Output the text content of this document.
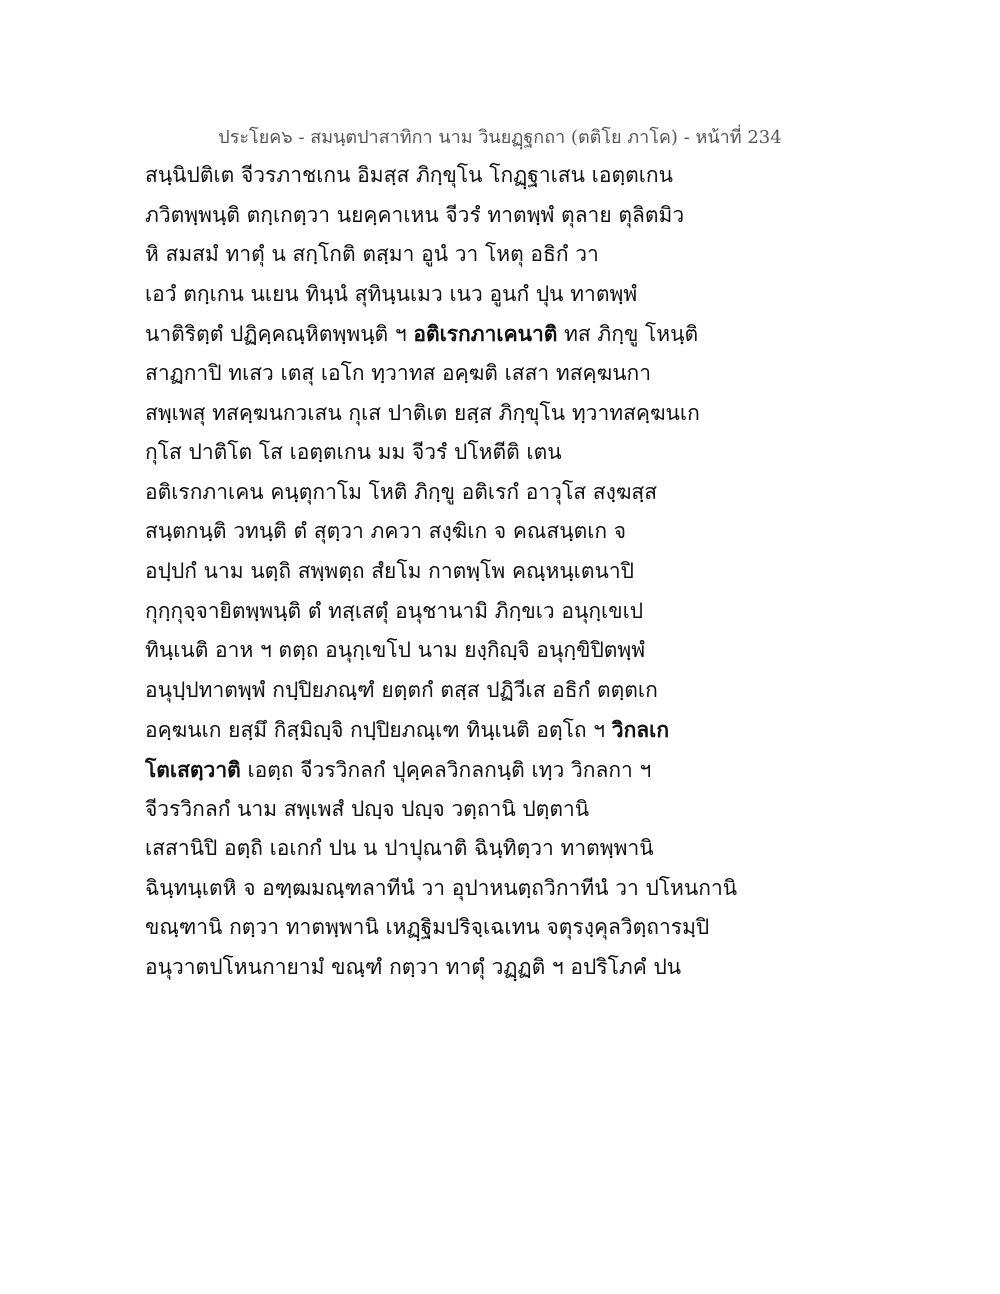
ประโยค๖ - สมนฺตปาสาทิกา นาม วินยฏฺฐกถา (ตติโย ภาโค) - หน้าที่ 234
สนฺนิปติเต จีวรภาชเกน อิมสฺส ภิกฺขุโน โกฏฺฐาเสน เอตฺตเกน
ภวิตพฺพนฺติ ตกฺเกตฺวา นยคฺคาเหน จีวรํ ทาตพฺพํ ตุลาย ตุลิตมิว
หิ สมสมํ ทาตุํ น สกฺโกติ ตสฺมา อูนํ วา โหตุ อธิกํ วา
เอวํ ตกฺเกน นเยน ทินฺนํ สุทินฺนเมว เนว อูนกํ ปุน ทาตพฺพํ
นาติริตฺตํ ปฏิคฺคณฺหิตพฺพนฺติ ฯ อติเรกภาเคนาติ ทส ภิกฺขู โหนฺติ
สาฏกาปิ ทเสว เตสุ เอโก ทฺวาทส อคฺฆติ เสสา ทสคฺฆนกา
สพฺเพสุ ทสคฺฆนกวเสน กุเส ปาติเต ยสฺส ภิกฺขุโน ทฺวาทสคฺฆนเก
กุโส ปาติโต โส เอตฺตเกน มม จีวรํ ปโหตีติ เตน
อติเรกภาเคน คนฺตุกาโม โหติ ภิกฺขู อติเรกํ อาวุโส สงฺฆสฺส
สนฺตกนฺติ วทนฺติ ตํ สุตฺวา ภควา สงฺฆิเก จ คณสนฺตเก จ
อปฺปกํ นาม นตฺถิ สพฺพตฺถ สํยโม กาตพฺโพ คณฺหนฺเตนาปิ
กุกฺกุจฺจายิตพฺพนฺติ ตํ ทสฺเสตุํ อนุชานามิ ภิกฺขเว อนุกฺเขเป
ทินฺเนติ อาห ฯ ตตฺถ อนุกฺเขโป นาม ยงฺกิญฺจิ อนุกฺขิปิตพฺพํ
อนุปฺปทาตพฺพํ กปฺปิยภณฺฑํ ยตฺตกํ ตสฺส ปฏิวีเส อธิกํ ตตฺตเก
อคฺฆนเก ยสฺมึ กิสฺมิญฺจิ กปฺปิยภณฺเฑ ทินฺเนติ อตฺโถ ฯ วิกลเก
โตเสตฺวาติ เอตฺถ จีวรวิกลกํ ปุคฺคลวิกลกนฺติ เทฺว วิกลกา ฯ
จีวรวิกลกํ นาม สพฺเพสํ ปญฺจ ปญฺจ วตฺถานิ ปตฺตานิ
เสสานิปิ อตฺถิ เอเกกํ ปน น ปาปุณาติ ฉินฺทิตฺวา ทาตพฺพานิ
ฉินฺทนฺเตหิ จ อฑฺฒมณฺฑลาทีนํ วา อุปาหนตฺถวิกาทีนํ วา ปโหนกานิ
ขณฺฑานิ กตฺวา ทาตพฺพานิ เหฏฺฐิมปริจฺเฉเทน จตุรงฺคุลวิตฺถารมฺปิ
อนุวาตปโหนกายามํ ขณฺฑํ กตฺวา ทาตุํ วฏฺฏติ ฯ อปริโภคํ ปน
